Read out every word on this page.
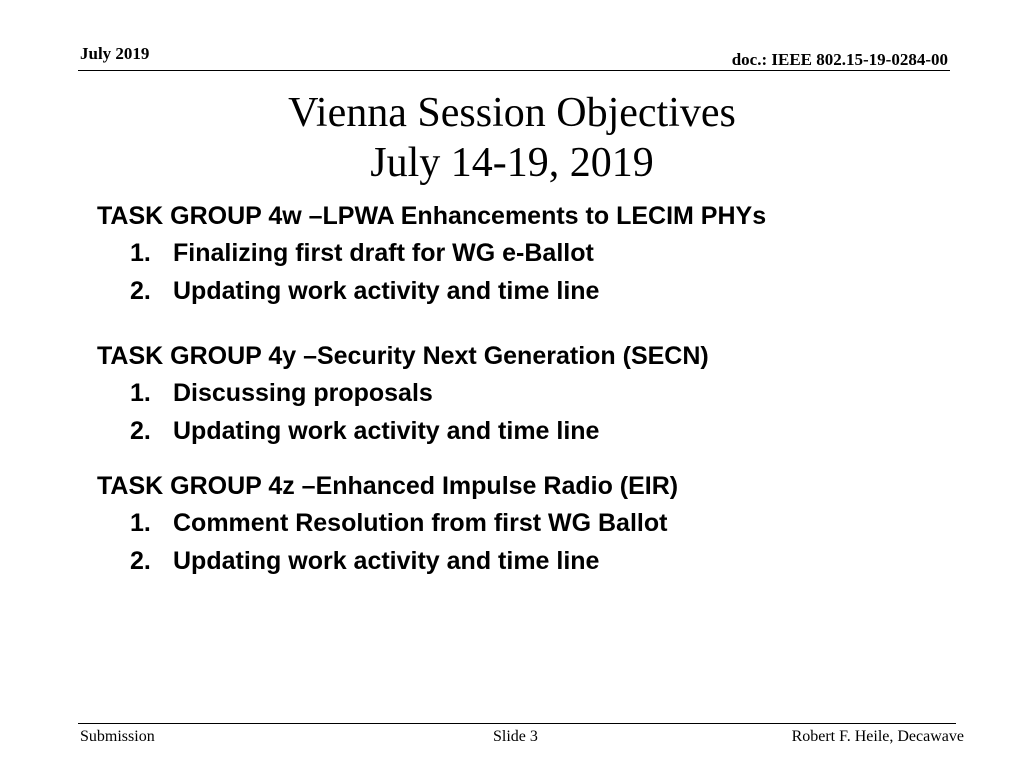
July 2019	doc.: IEEE 802.15-19-0284-00
Vienna Session Objectives
July 14-19, 2019
TASK GROUP 4w –LPWA Enhancements to LECIM PHYs
1. Finalizing first draft for WG e-Ballot
2. Updating work activity and time line
TASK GROUP 4y –Security Next Generation (SECN)
1. Discussing proposals
2. Updating work activity and time line
TASK GROUP 4z –Enhanced Impulse Radio (EIR)
1. Comment Resolution from first WG Ballot
2. Updating work activity and time line
Submission	Slide 3	Robert F. Heile, Decawave
